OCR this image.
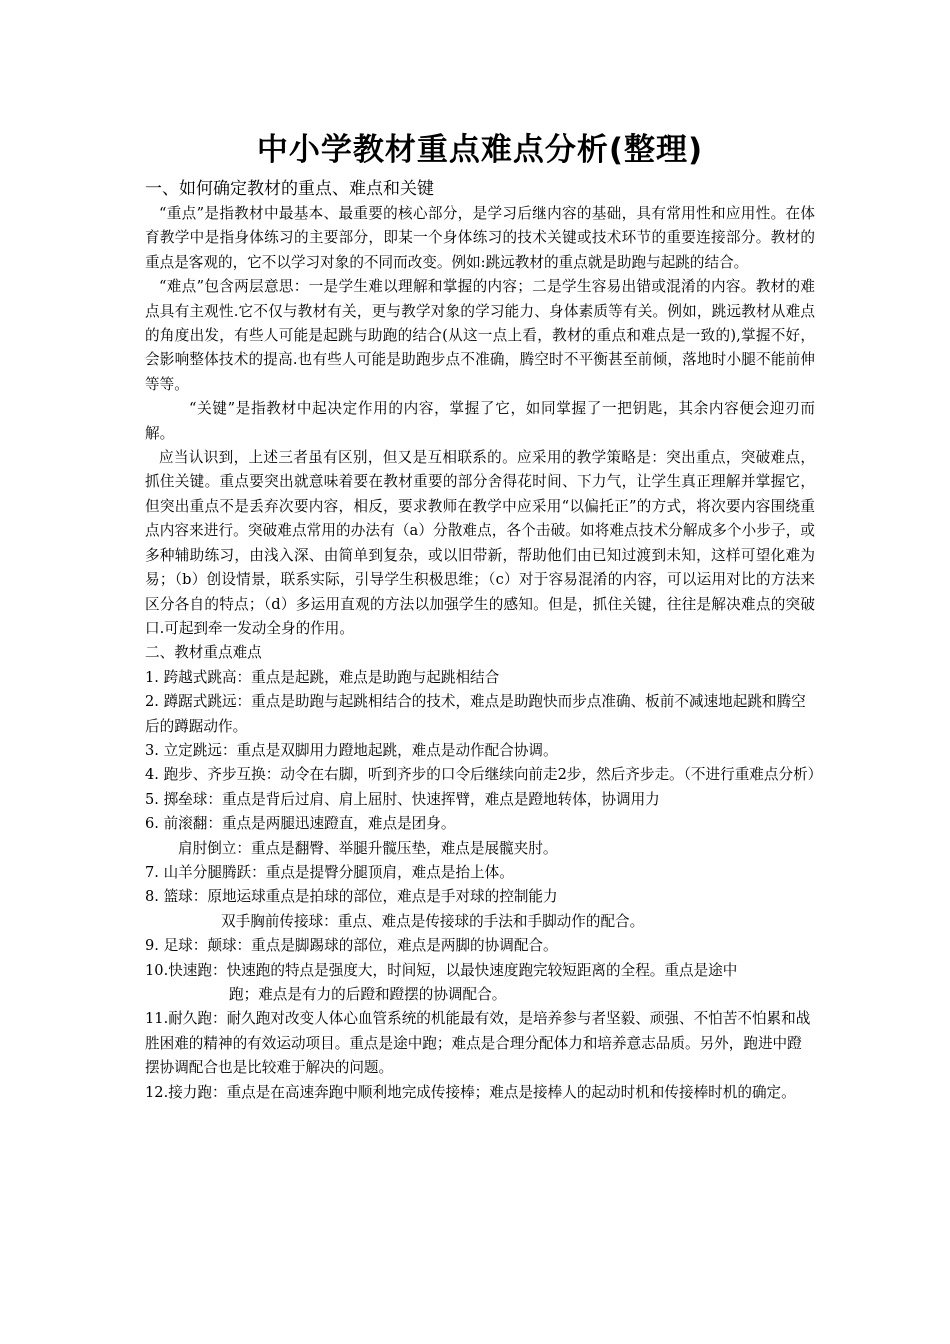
中小学教材重点难点分析(整理)

一、如何确定教材的重点、难点和关键

“重点”是指教材中最基本、最重要的核心部分，是学习后继内容的基础，具有常用性和应用性。在体育教学中是指身体练习的主要部分，即某一个身体练习的技术关键或技术环节的重要连接部分。教材的重点是客观的，它不以学习对象的不同而改变。例如:跳远教材的重点就是助跑与起跳的结合。

“难点”包含两层意思：一是学生难以理解和掌握的内容；二是学生容易出错或混淆的内容。教材的难点具有主观性.它不仅与教材有关，更与教学对象的学习能力、身体素质等有关。例如，跳远教材从难点的角度出发，有些人可能是起跳与助跑的结合(从这一点上看，教材的重点和难点是一致的),掌握不好，会影响整体技术的提高.也有些人可能是助跑步点不准确，腾空时不平衡甚至前倾，落地时小腿不能前伸等等。

“关键”是指教材中起决定作用的内容，掌握了它，如同掌握了一把钥匙，其余内容便会迎刃而解。

应当认识到，上述三者虽有区别，但又是互相联系的。应采用的教学策略是：突出重点，突破难点，抓住关键。重点要突出就意味着要在教材重要的部分舍得花时间、下力气，让学生真正理解并掌握它，但突出重点不是丢弃次要内容，相反，要求教师在教学中应采用“以偏托正”的方式，将次要内容围绕重点内容来进行。突破难点常用的办法有（a）分散难点，各个击破。如将难点技术分解成多个小步子，或多种辅助练习，由浅入深、由简单到复杂，或以旧带新，帮助他们由已知过渡到未知，这样可望化难为易；（b）创设情景，联系实际，引导学生积极思维；（c）对于容易混淆的内容，可以运用对比的方法来区分各自的特点；（d）多运用直观的方法以加强学生的感知。但是，抓住关键，往往是解决难点的突破口.可起到牵一发动全身的作用。

二、教材重点难点

1. 跨越式跳高：重点是起跳，难点是助跑与起跳相结合

2. 蹲踞式跳远：重点是助跑与起跳相结合的技术，难点是助跑快而步点准确、板前不减速地起跳和腾空后的蹲踞动作。

3. 立定跳远：重点是双脚用力蹬地起跳，难点是动作配合协调。

4. 跑步、齐步互换：动令在右脚，听到齐步的口令后继续向前走2步，然后齐步走。（不进行重难点分析）

5. 掷垒球：重点是背后过肩、肩上屈肘、快速挥臂，难点是蹬地转体，协调用力

6. 前滚翻：重点是两腿迅速蹬直，难点是团身。

肩肘倒立：重点是翻臀、举腿升髋压垫，难点是展髋夹肘。

7. 山羊分腿腾跃：重点是提臀分腿顶肩，难点是抬上体。

8. 篮球：原地运球重点是拍球的部位，难点是手对球的控制能力

双手胸前传接球：重点、难点是传接球的手法和手脚动作的配合。

9. 足球：颠球：重点是脚踢球的部位，难点是两脚的协调配合。

10.快速跑：快速跑的特点是强度大，时间短，以最快速度跑完较短距离的全程。重点是途中

跑；难点是有力的后蹬和蹬摆的协调配合。

11.耐久跑：耐久跑对改变人体心血管系统的机能最有效，是培养参与者坚毅、顽强、不怕苦不怕累和战胜困难的精神的有效运动项目。重点是途中跑；难点是合理分配体力和培养意志品质。另外，跑进中蹬摆协调配合也是比较难于解决的问题。

12.接力跑：重点是在高速奔跑中顺利地完成传接棒；难点是接棒人的起动时机和传接棒时机的确定。
